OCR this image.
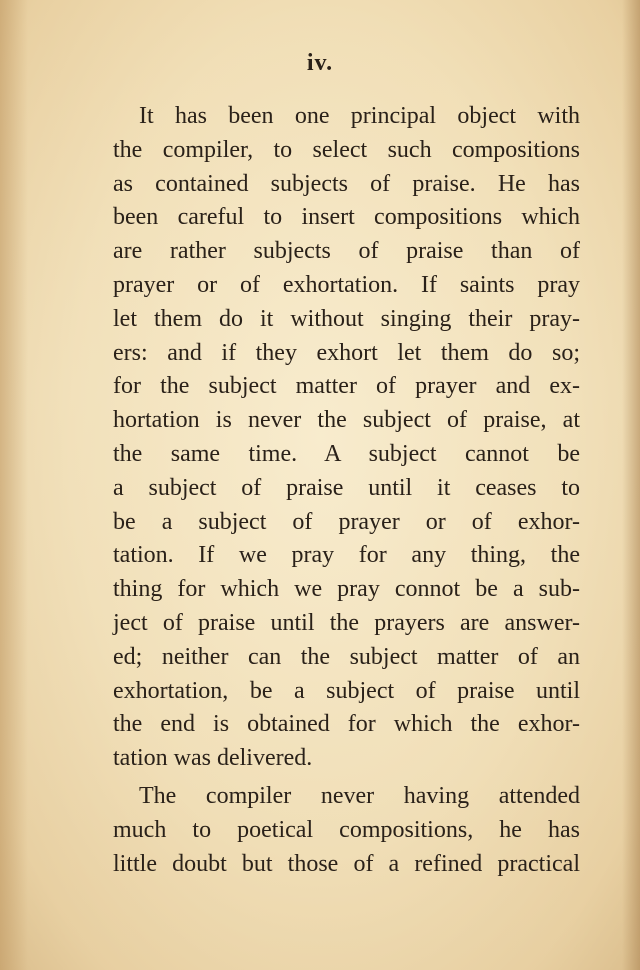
iv.
It has been one principal object with
the compiler, to select such compositions
as contained subjects of praise. He has
been careful to insert compositions which
are rather subjects of praise than of
prayer or of exhortation. If saints pray
let them do it without singing their pray-
ers: and if they exhort let them do so;
for the subject matter of prayer and ex-
hortation is never the subject of praise, at
the same time. A subject cannot be
a subject of praise until it ceases to
be a subject of prayer or of exhor-
tation. If we pray for any thing, the
thing for which we pray connot be a sub-
ject of praise until the prayers are answer-
ed; neither can the subject matter of an
exhortation, be a subject of praise until
the end is obtained for which the exhor-
tation was delivered.
The compiler never having attended
much to poetical compositions, he has
little doubt but those of a refined practical
